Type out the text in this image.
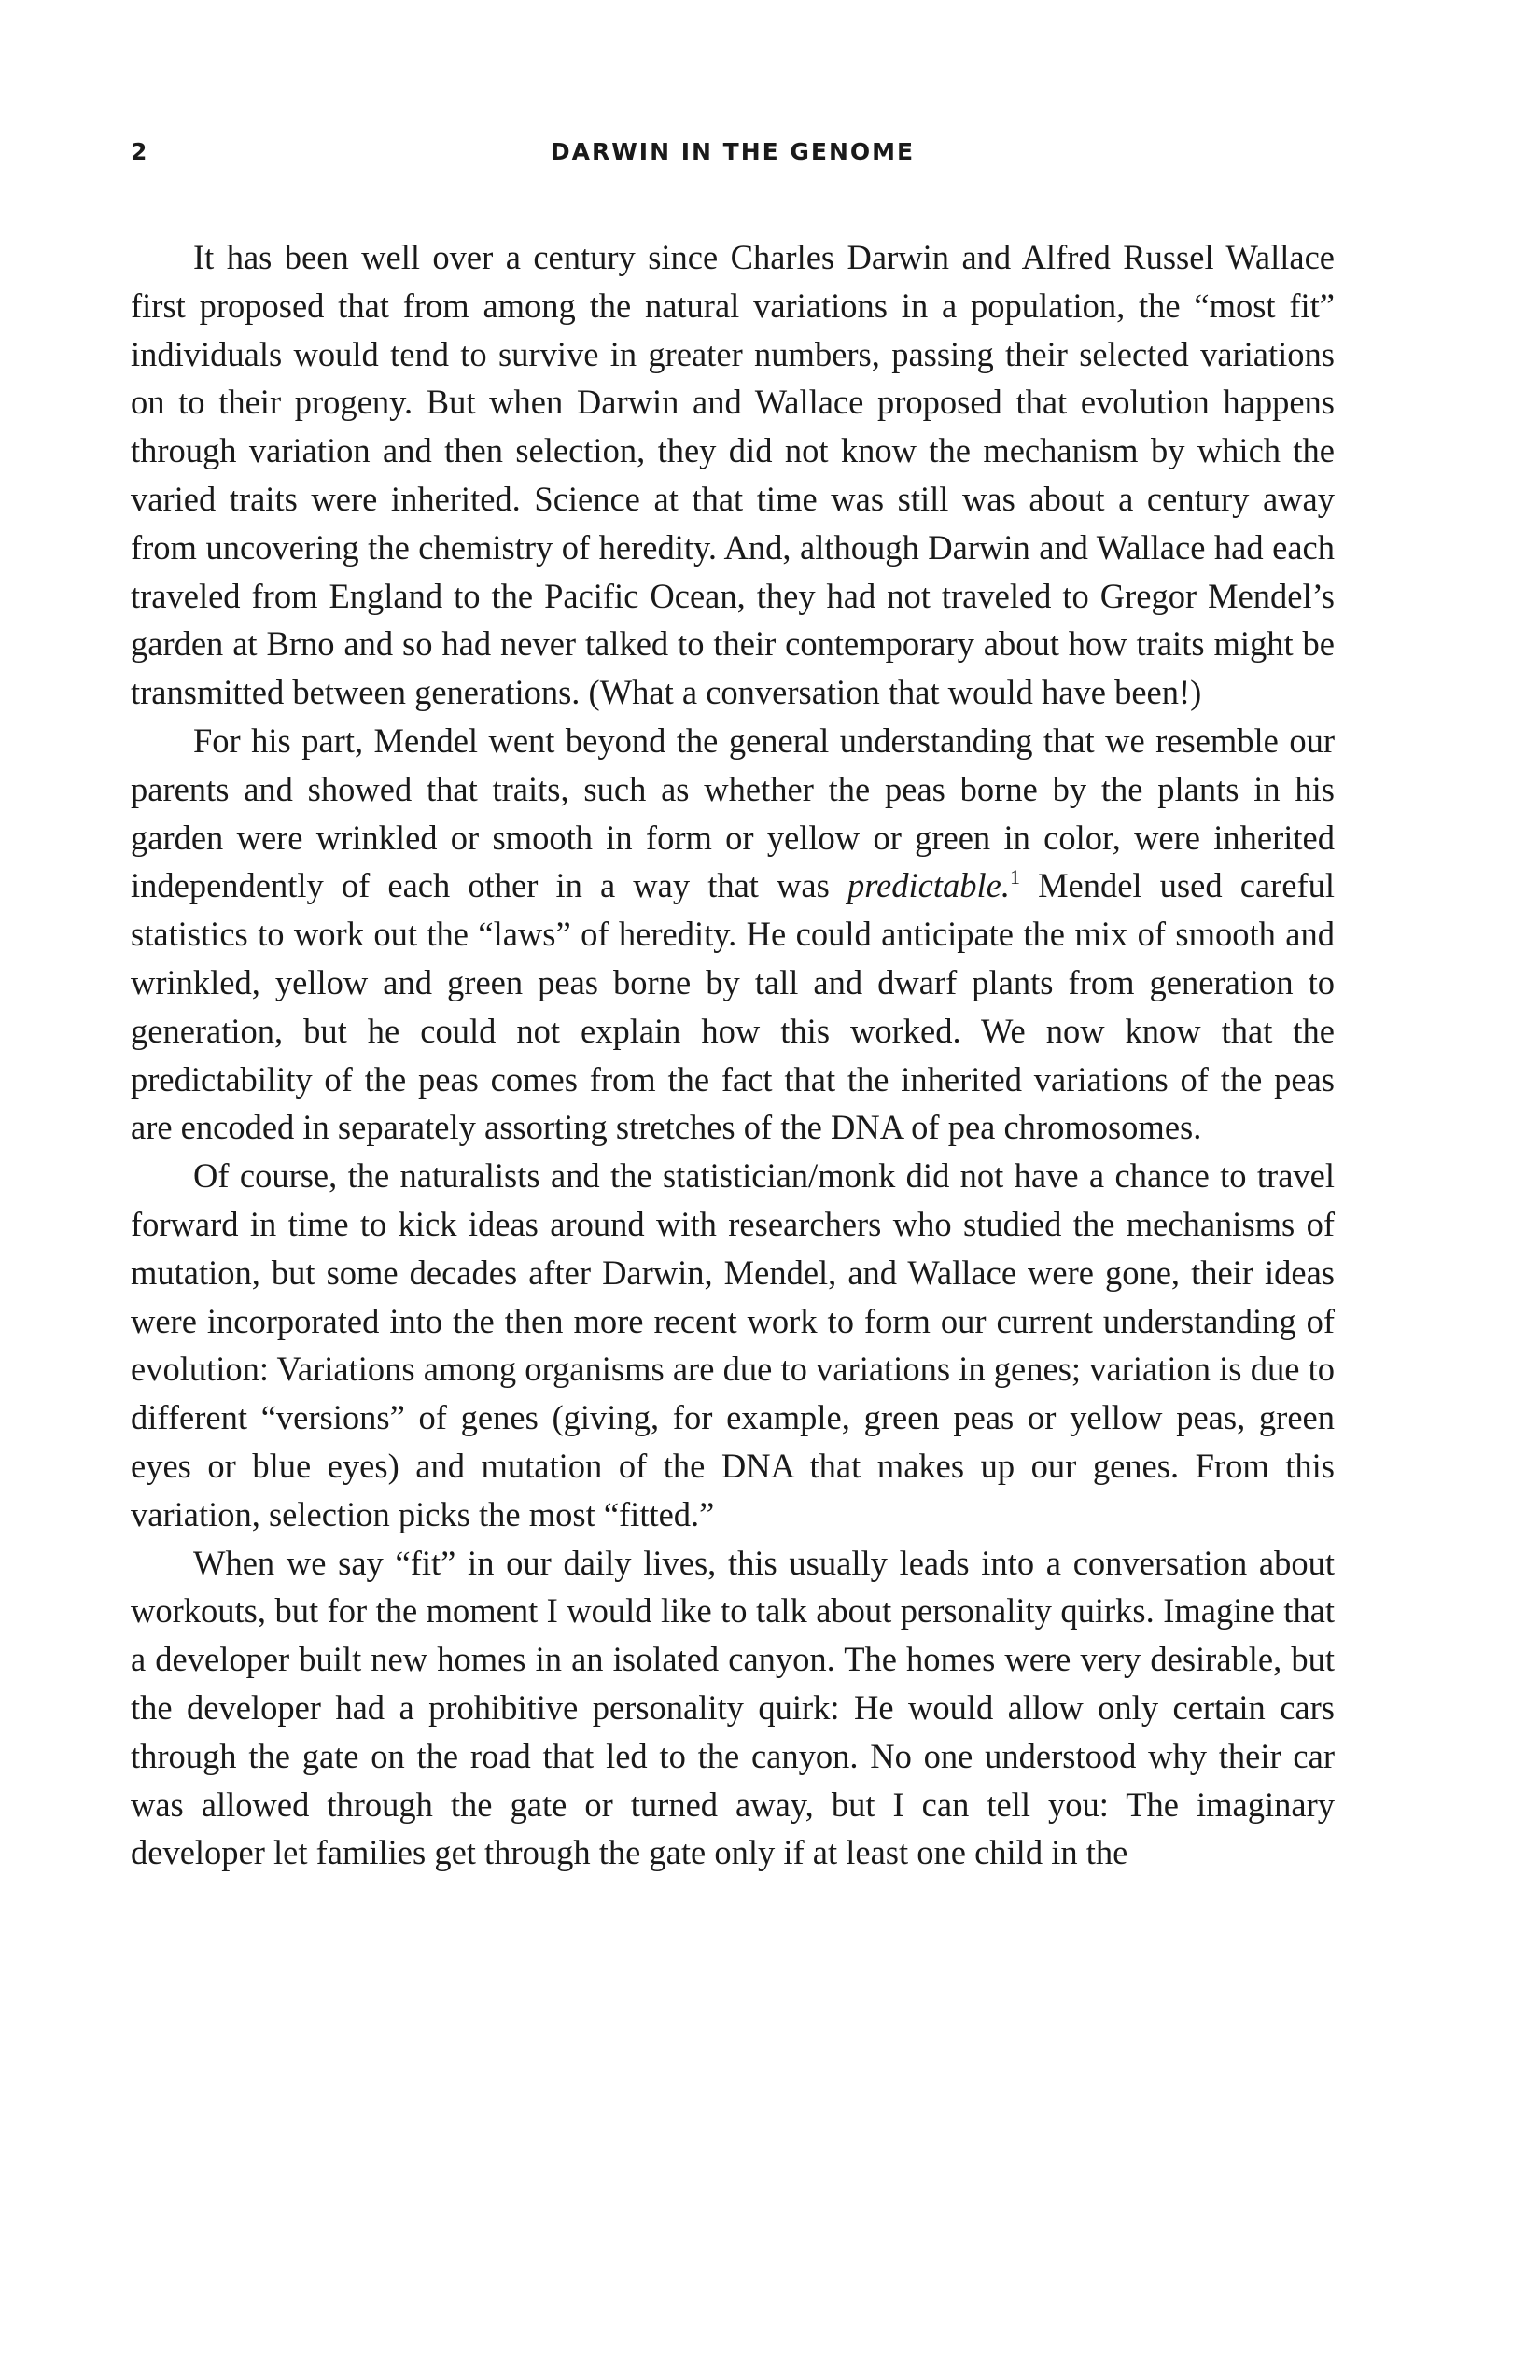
2	DARWIN IN THE GENOME

It has been well over a century since Charles Darwin and Alfred Russel Wallace first proposed that from among the natural variations in a population, the “most fit” individuals would tend to survive in greater numbers, passing their selected variations on to their progeny. But when Darwin and Wallace proposed that evolution happens through variation and then selection, they did not know the mechanism by which the varied traits were inherited. Science at that time was still was about a century away from uncovering the chemistry of heredity. And, although Darwin and Wallace had each traveled from England to the Pacific Ocean, they had not traveled to Gregor Mendel’s garden at Brno and so had never talked to their contemporary about how traits might be transmitted between generations. (What a conversation that would have been!)

For his part, Mendel went beyond the general understanding that we resemble our parents and showed that traits, such as whether the peas borne by the plants in his garden were wrinkled or smooth in form or yellow or green in color, were inherited independently of each other in a way that was predictable.$^1$ Mendel used careful statistics to work out the “laws” of heredity. He could anticipate the mix of smooth and wrinkled, yellow and green peas borne by tall and dwarf plants from generation to generation, but he could not explain how this worked. We now know that the predictability of the peas comes from the fact that the inherited variations of the peas are encoded in separately assorting stretches of the DNA of pea chromosomes.

Of course, the naturalists and the statistician/monk did not have a chance to travel forward in time to kick ideas around with researchers who studied the mechanisms of mutation, but some decades after Darwin, Mendel, and Wallace were gone, their ideas were incorporated into the then more recent work to form our current understanding of evolution: Variations among organisms are due to variations in genes; variation is due to different “versions” of genes (giving, for example, green peas or yellow peas, green eyes or blue eyes) and mutation of the DNA that makes up our genes. From this variation, selection picks the most “fitted.”

When we say “fit” in our daily lives, this usually leads into a conversation about workouts, but for the moment I would like to talk about personality quirks. Imagine that a developer built new homes in an isolated canyon. The homes were very desirable, but the developer had a prohibitive personality quirk: He would allow only certain cars through the gate on the road that led to the canyon. No one understood why their car was allowed through the gate or turned away, but I can tell you: The imaginary developer let families get through the gate only if at least one child in the
